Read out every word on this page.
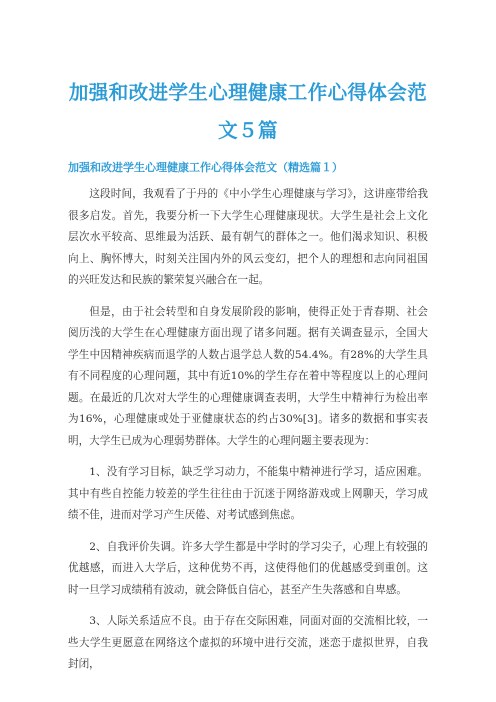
加强和改进学生心理健康工作心得体会范
文５篇
加强和改进学生心理健康工作心得体会范文（精选篇１）

这段时间，我观看了于丹的《中小学生心理健康与学习》，这讲座带给我很多启发。首先，我要分析一下大学生心理健康现状。大学生是社会上文化层次水平较高、思维最为活跃、最有朝气的群体之一。他们渴求知识、积极向上、胸怀博大，时刻关注国内外的风云变幻，把个人的理想和志向同祖国的兴旺发达和民族的繁荣复兴融合在一起。

但是，由于社会转型和自身发展阶段的影响，使得正处于青春期、社会阅历浅的大学生在心理健康方面出现了诸多问题。据有关调查显示，全国大学生中因精神疾病而退学的人数占退学总人数的54.4%。有28%的大学生具有不同程度的心理问题，其中有近10%的学生存在着中等程度以上的心理问题。在最近的几次对大学生的心理健康调查表明，大学生中精神行为检出率为16%，心理健康或处于亚健康状态的约占30%[3]。诸多的数据和事实表明，大学生已成为心理弱势群体。大学生的心理问题主要表现为：

1、没有学习目标，缺乏学习动力，不能集中精神进行学习，适应困难。其中有些自控能力较差的学生往往由于沉迷于网络游戏或上网聊天，学习成绩不佳，进而对学习产生厌倦、对考试感到焦虑。

2、自我评价失调。许多大学生都是中学时的学习尖子，心理上有较强的优越感，而进入大学后，这种优势不再，这使得他们的优越感受到重创。这时一旦学习成绩稍有波动，就会降低自信心，甚至产生失落感和自卑感。

3、人际关系适应不良。由于存在交际困难，同面对面的交流相比较，一些大学生更愿意在网络这个虚拟的环境中进行交流，迷恋于虚拟世界，自我封闭，
